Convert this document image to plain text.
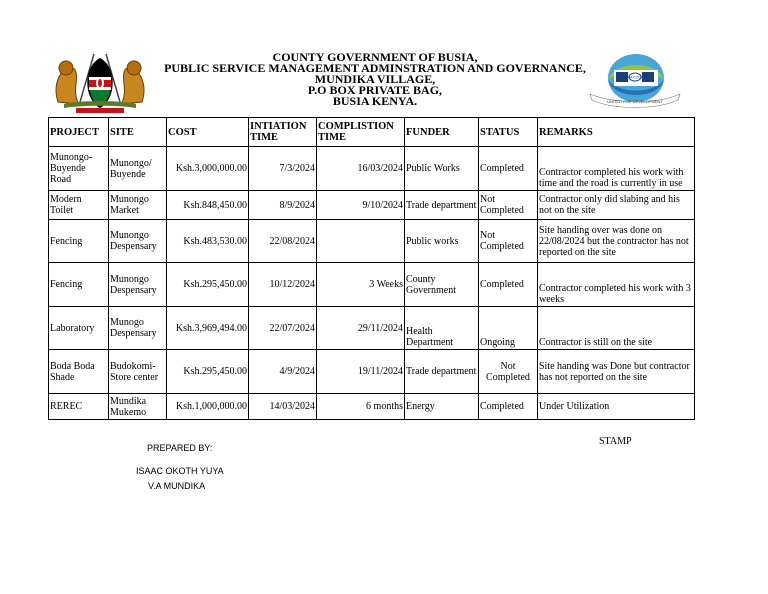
BUSIA COUNTY
UNITED FOR DEVELOPMENT
COUNTY GOVERNMENT OF BUSIA,
PUBLIC SERVICE MANAGEMENT ADMINSTRATION AND GOVERNANCE,
MUNDIKA VILLAGE,
P.O BOX PRIVATE BAG,
BUSIA KENYA.
PROJECT	SITE	COST	INTIATION TIME	COMPLISTION TIME	FUNDER	STATUS	REMARKS
Munongo-Buyende Road	Munongo/ Buyende	Ksh.3,000,000.00	7/3/2024	16/03/2024	Public Works	Completed	Contractor completed his work with time and the road is currently in use
Modern Toilet	Munongo Market	Ksh.848,450.00	8/9/2024	9/10/2024	Trade department	Not Completed	Contractor only did slabing and his not on the site
Fencing	Munongo Despensary	Ksh.483,530.00	22/08/2024		Public works	Not Completed	Site handing over was done on 22/08/2024 but the contractor has not reported on the site
Fencing	Munongo Despensary	Ksh.295,450.00	10/12/2024	3 Weeks	County Government	Completed	Contractor completed his work with 3 weeks
Laboratory	Munogo Despensary	Ksh.3,969,494.00	22/07/2024	29/11/2024	Health Department	Ongoing	Contractor is still on the site
Boda Boda Shade	Budokomi-Store center	Ksh.295,450.00	4/9/2024	19/11/2024	Trade department	Not Completed	Site handing was Done but contractor has not reported on the site
REREC	Mundika Mukemo	Ksh.1,000,000.00	14/03/2024	6 months	Energy	Completed	Under Utilization
PREPARED BY:
ISAAC OKOTH YUYA
V.A MUNDIKA
STAMP
